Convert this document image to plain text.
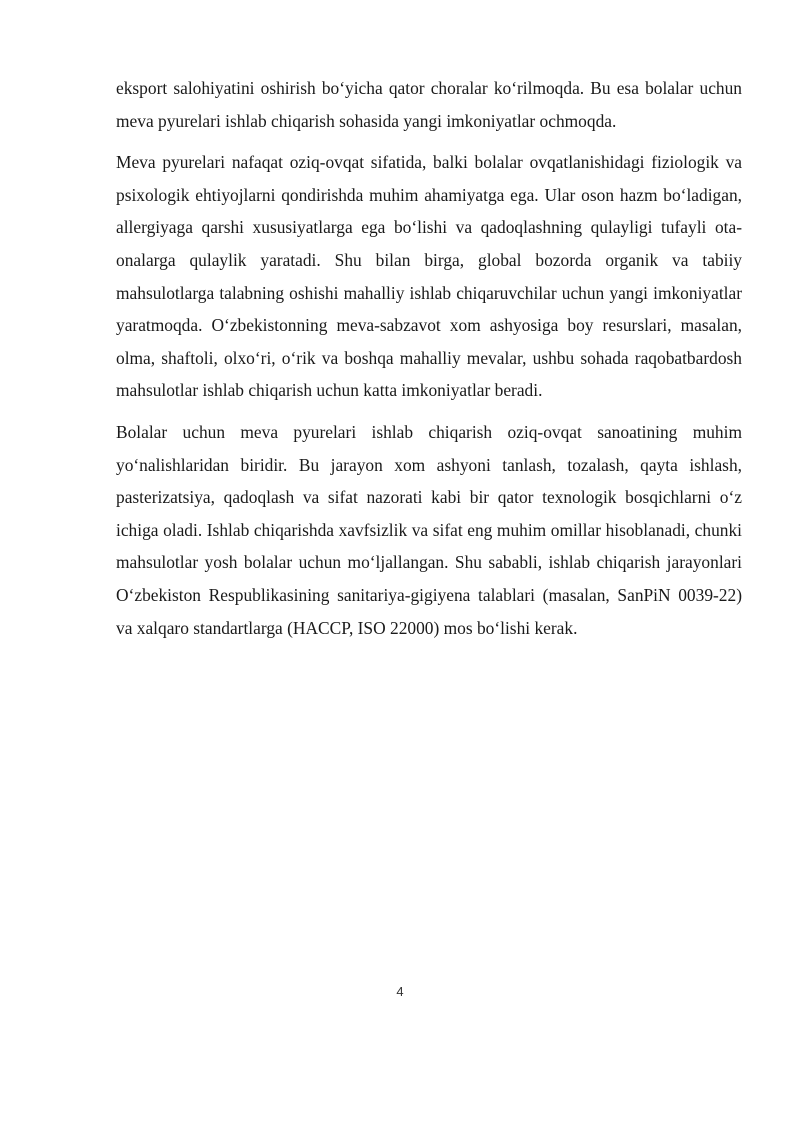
eksport salohiyatini oshirish bo‘yicha qator choralar ko‘rilmoqda. Bu esa bolalar uchun meva pyurelari ishlab chiqarish sohasida yangi imkoniyatlar ochmoqda.

Meva pyurelari nafaqat oziq-ovqat sifatida, balki bolalar ovqatlanishidagi fiziologik va psixologik ehtiyojlarni qondirishda muhim ahamiyatga ega. Ular oson hazm bo‘ladigan, allergiyaga qarshi xususiyatlarga ega bo‘lishi va qadoqlashning qulayligi tufayli ota-onalarga qulaylik yaratadi. Shu bilan birga, global bozorda organik va tabiiy mahsulotlarga talabning oshishi mahalliy ishlab chiqaruvchilar uchun yangi imkoniyatlar yaratmoqda. O‘zbekistonning meva-sabzavot xom ashyosiga boy resurslari, masalan, olma, shaftoli, olxo‘ri, o‘rik va boshqa mahalliy mevalar, ushbu sohada raqobatbardosh mahsulotlar ishlab chiqarish uchun katta imkoniyatlar beradi.

Bolalar uchun meva pyurelari ishlab chiqarish oziq-ovqat sanoatining muhim yo‘nalishlaridan biridir. Bu jarayon xom ashyoni tanlash, tozalash, qayta ishlash, pasterizatsiya, qadoqlash va sifat nazorati kabi bir qator texnologik bosqichlarni o‘z ichiga oladi. Ishlab chiqarishda xavfsizlik va sifat eng muhim omillar hisoblanadi, chunki mahsulotlar yosh bolalar uchun mo‘ljallangan. Shu sababli, ishlab chiqarish jarayonlari O‘zbekiston Respublikasining sanitariya-gigiyena talablari (masalan, SanPiN 0039-22) va xalqaro standartlarga (HACCP, ISO 22000) mos bo‘lishi kerak.

4
